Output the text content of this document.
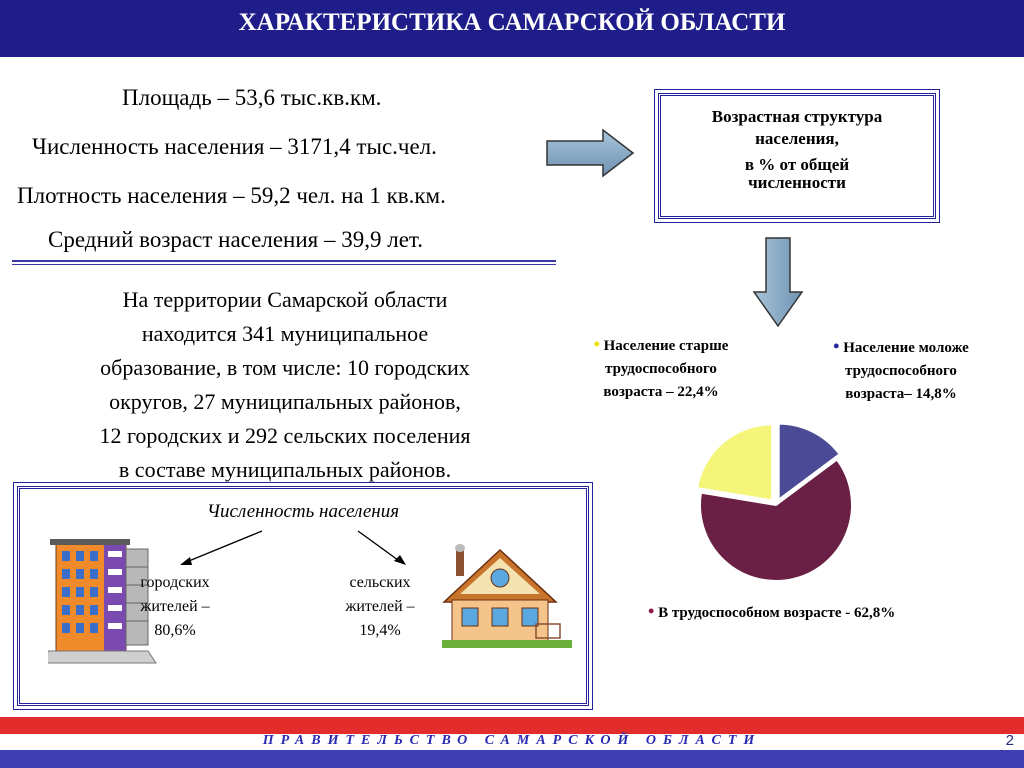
ХАРАКТЕРИСТИКА САМАРСКОЙ ОБЛАСТИ
Площадь – 53,6 тыс.кв.км.
Численность населения – 3171,4 тыс.чел.
Плотность населения – 59,2 чел. на 1 кв.км.
Средний возраст населения – 39,9 лет.
На территории Самарской области
находится 341 муниципальное
образование, в том числе: 10 городских
округов, 27 муниципальных районов,
12 городских и 292 сельских поселения
в составе муниципальных районов.
Возрастная структура
населения,
в % от общей
численности
• Население старше
трудоспособного
возраста – 22,4%
• Население моложе
трудоспособного
возраста– 14,8%
• В трудоспособном возрасте - 62,8%
Численность населения
городских
жителей –
80,6%
сельских
жителей –
19,4%
ПРАВИТЕЛЬСТВО САМАРСКОЙ ОБЛАСТИ	2
